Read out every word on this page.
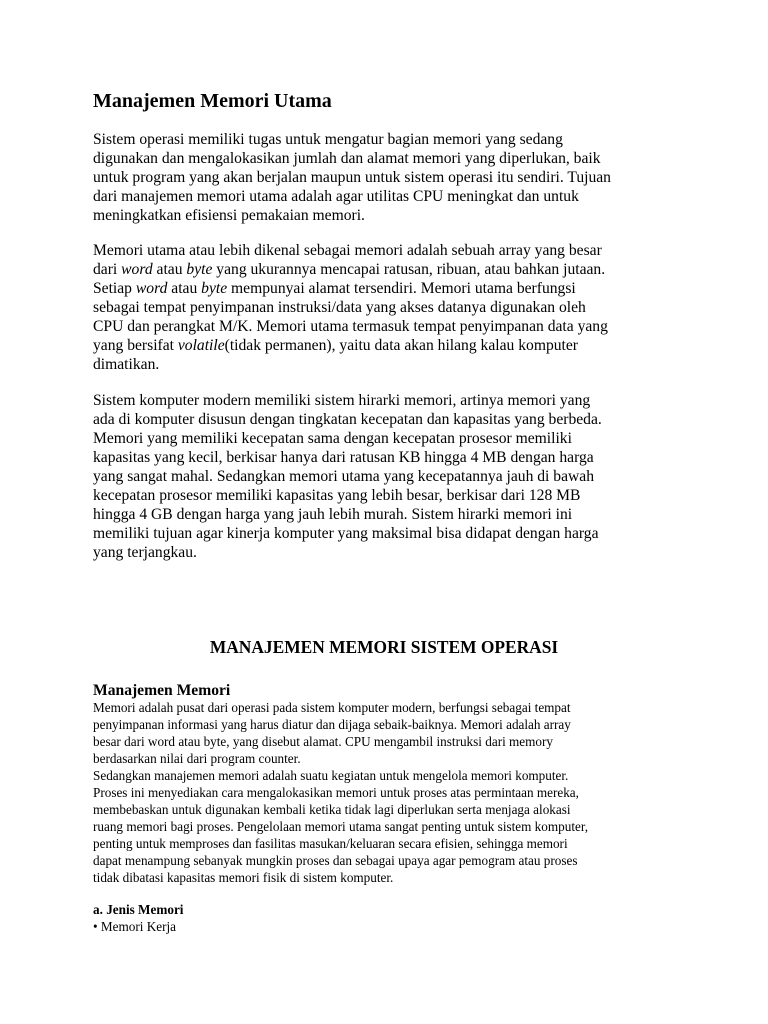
Manajemen Memori Utama

Sistem operasi memiliki tugas untuk mengatur bagian memori yang sedang
digunakan dan mengalokasikan jumlah dan alamat memori yang diperlukan, baik
untuk program yang akan berjalan maupun untuk sistem operasi itu sendiri. Tujuan
dari manajemen memori utama adalah agar utilitas CPU meningkat dan untuk
meningkatkan efisiensi pemakaian memori.

Memori utama atau lebih dikenal sebagai memori adalah sebuah array yang besar
dari word atau byte yang ukurannya mencapai ratusan, ribuan, atau bahkan jutaan.
Setiap word atau byte mempunyai alamat tersendiri. Memori utama berfungsi
sebagai tempat penyimpanan instruksi/data yang akses datanya digunakan oleh
CPU dan perangkat M/K. Memori utama termasuk tempat penyimpanan data yang
yang bersifat volatile(tidak permanen), yaitu data akan hilang kalau komputer
dimatikan.

Sistem komputer modern memiliki sistem hirarki memori, artinya memori yang
ada di komputer disusun dengan tingkatan kecepatan dan kapasitas yang berbeda.
Memori yang memiliki kecepatan sama dengan kecepatan prosesor memiliki
kapasitas yang kecil, berkisar hanya dari ratusan KB hingga 4 MB dengan harga
yang sangat mahal. Sedangkan memori utama yang kecepatannya jauh di bawah
kecepatan prosesor memiliki kapasitas yang lebih besar, berkisar dari 128 MB
hingga 4 GB dengan harga yang jauh lebih murah. Sistem hirarki memori ini
memiliki tujuan agar kinerja komputer yang maksimal bisa didapat dengan harga
yang terjangkau.

MANAJEMEN MEMORI SISTEM OPERASI
Manajemen Memori

Memori adalah pusat dari operasi pada sistem komputer modern, berfungsi sebagai tempat
penyimpanan informasi yang harus diatur dan dijaga sebaik-baiknya. Memori adalah array
besar dari word atau byte, yang disebut alamat. CPU mengambil instruksi dari memory
berdasarkan nilai dari program counter.
Sedangkan manajemen memori adalah suatu kegiatan untuk mengelola memori komputer.
Proses ini menyediakan cara mengalokasikan memori untuk proses atas permintaan mereka,
membebaskan untuk digunakan kembali ketika tidak lagi diperlukan serta menjaga alokasi
ruang memori bagi proses. Pengelolaan memori utama sangat penting untuk sistem komputer,
penting untuk memproses dan fasilitas masukan/keluaran secara efisien, sehingga memori
dapat menampung sebanyak mungkin proses dan sebagai upaya agar pemogram atau proses
tidak dibatasi kapasitas memori fisik di sistem komputer.

a. Jenis Memori

• Memori Kerja
